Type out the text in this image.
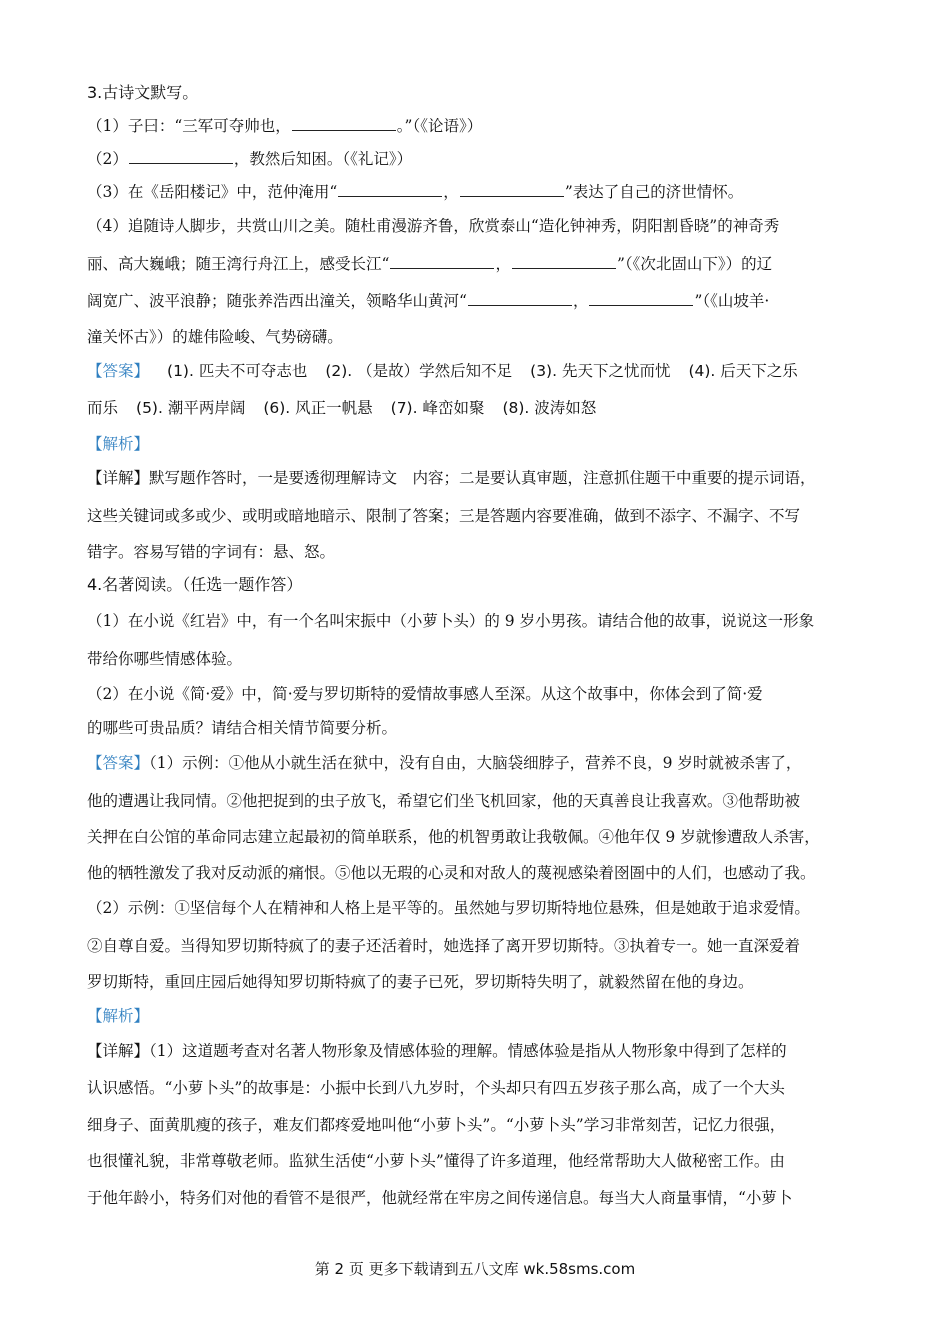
3.古诗文默写。
（1）子曰：“三军可夺帅也，	。”（《论语》）
（2）	，教然后知困。（《礼记》）
（3）在《岳阳楼记》中，范仲淹用“	，	”表达了自己的济世情怀。
（4）追随诗人脚步，共赏山川之美。随杜甫漫游齐鲁，欣赏泰山“造化钟神秀，阴阳割昏晓”的神奇秀
丽、高大巍峨；随王湾行舟江上，感受长江“	，	”（《次北固山下》）的辽
阔宽广、波平浪静；随张养浩西出潼关，领略华山黄河“	，	”（《山坡羊·
潼关怀古》）的雄伟险峻、气势磅礴。
【答案】 (1). 匹夫不可夺志也 (2). （是故）学然后知不足 (3). 先天下之忧而忧 (4). 后天下之乐
而乐 (5). 潮平两岸阔 (6). 风正一帆悬 (7). 峰峦如聚 (8). 波涛如怒
【解析】
【详解】默写题作答时，一是要透彻理解诗文　内容；二是要认真审题，注意抓住题干中重要的提示词语，
这些关键词或多或少、或明或暗地暗示、限制了答案；三是答题内容要准确，做到不添字、不漏字、不写
错字。容易写错的字词有：悬、怒。
4.名著阅读。（任选一题作答）
（1）在小说《红岩》中，有一个名叫宋振中（小萝卜头）的 9 岁小男孩。请结合他的故事，说说这一形象
带给你哪些情感体验。
（2）在小说《简·爱》中，简·爱与罗切斯特的爱情故事感人至深。从这个故事中，你体会到了简·爱
的哪些可贵品质？请结合相关情节简要分析。
【答案】（1）示例：①他从小就生活在狱中，没有自由，大脑袋细脖子，营养不良，9 岁时就被杀害了，
他的遭遇让我同情。②他把捉到的虫子放飞，希望它们坐飞机回家，他的天真善良让我喜欢。③他帮助被
关押在白公馆的革命同志建立起最初的简单联系，他的机智勇敢让我敬佩。④他年仅 9 岁就惨遭敌人杀害，
他的牺牲激发了我对反动派的痛恨。⑤他以无瑕的心灵和对敌人的蔑视感染着囹圄中的人们，也感动了我。
（2）示例：①坚信每个人在精神和人格上是平等的。虽然她与罗切斯特地位悬殊，但是她敢于追求爱情。
②自尊自爱。当得知罗切斯特疯了的妻子还活着时，她选择了离开罗切斯特。③执着专一。她一直深爱着
罗切斯特，重回庄园后她得知罗切斯特疯了的妻子已死，罗切斯特失明了，就毅然留在他的身边。
【解析】
【详解】（1）这道题考查对名著人物形象及情感体验的理解。情感体验是指从人物形象中得到了怎样的
认识感悟。“小萝卜头”的故事是：小振中长到八九岁时，个头却只有四五岁孩子那么高，成了一个大头
细身子、面黄肌瘦的孩子，难友们都疼爱地叫他“小萝卜头”。“小萝卜头”学习非常刻苦，记忆力很强，
也很懂礼貌，非常尊敬老师。监狱生活使“小萝卜头”懂得了许多道理，他经常帮助大人做秘密工作。由
于他年龄小，特务们对他的看管不是很严，他就经常在牢房之间传递信息。每当大人商量事情，“小萝卜
第 2 页 更多下载请到五八文库 wk.58sms.com
